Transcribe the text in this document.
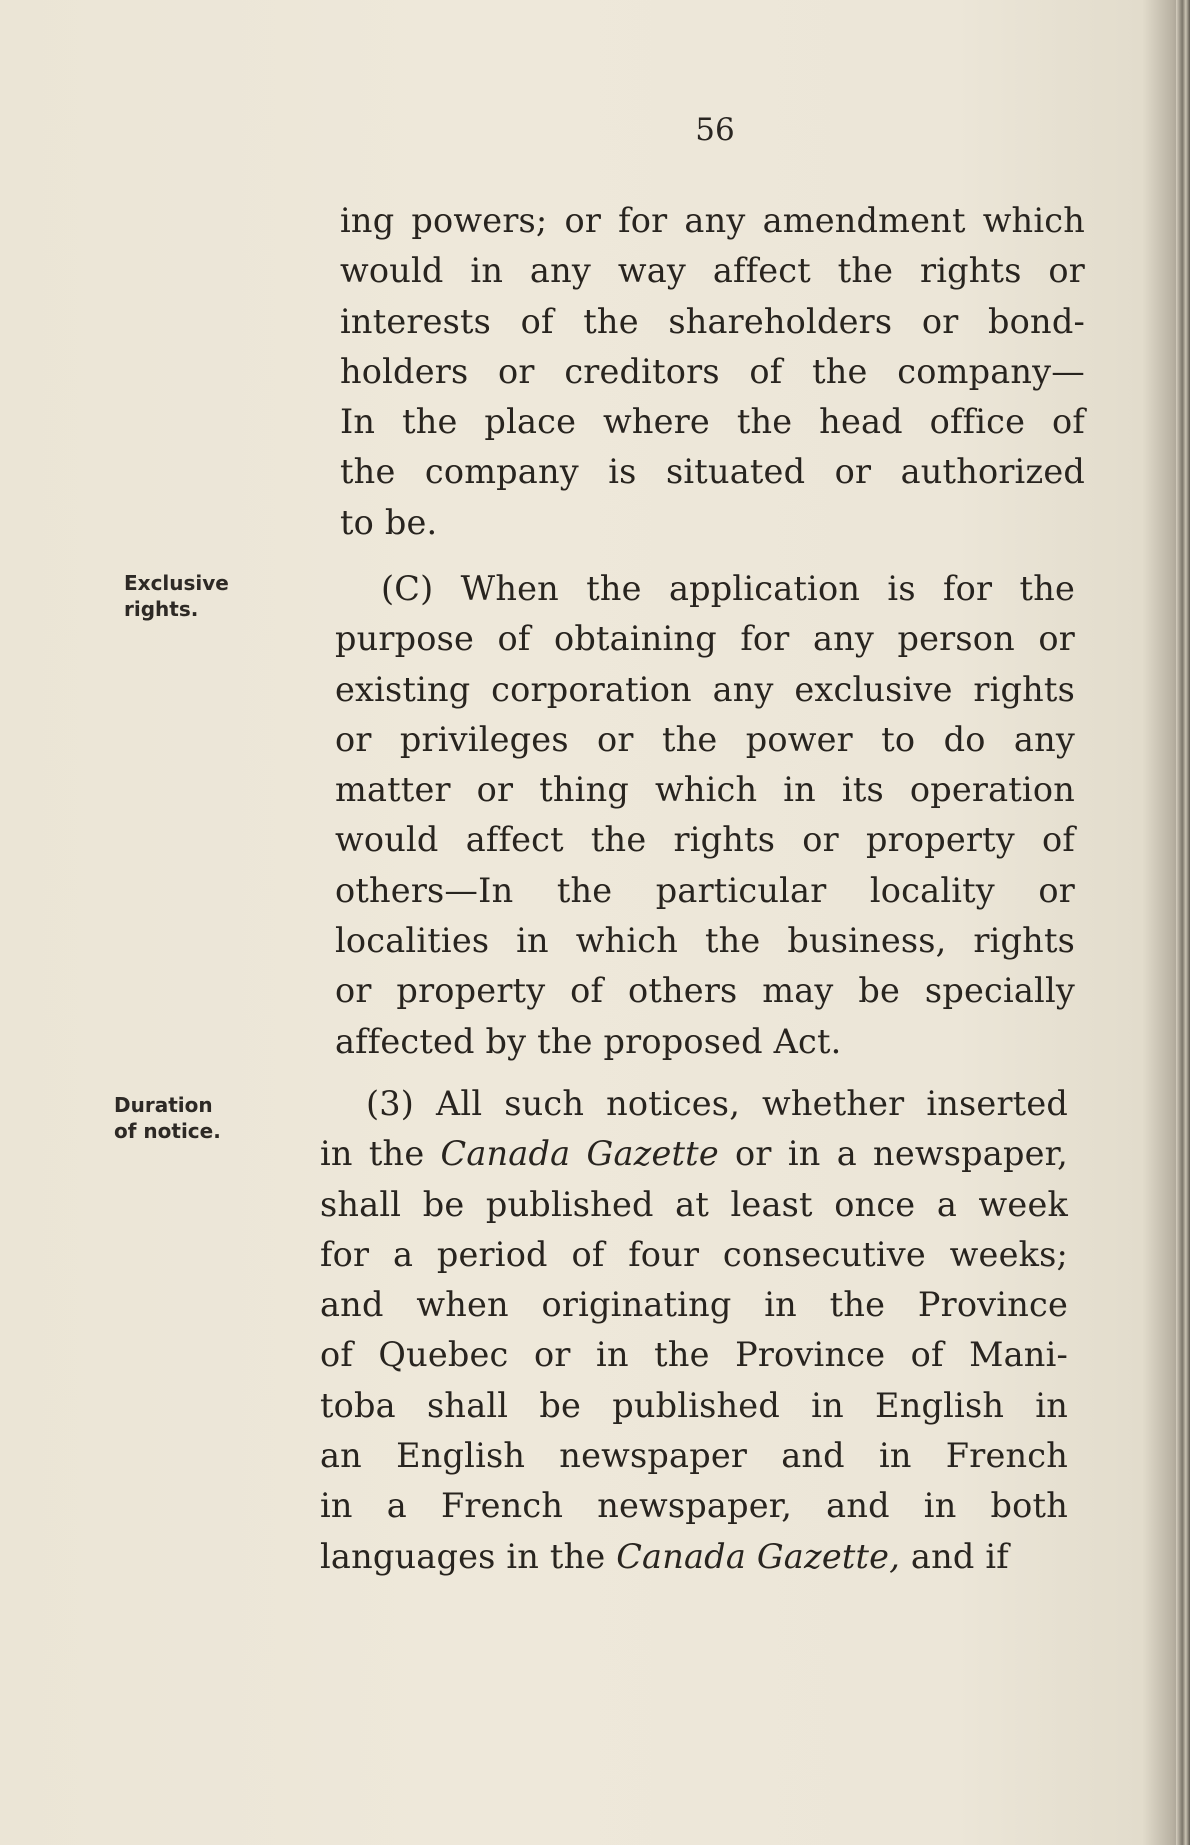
56
ing powers; or for any amendment which
would in any way affect the rights or
interests of the shareholders or bond-
holders or creditors of the company—
In the place where the head office of
the company is situated or authorized
to be.
Exclusive
rights.
(C) When the application is for the
purpose of obtaining for any person or
existing corporation any exclusive rights
or privileges or the power to do any
matter or thing which in its operation
would affect the rights or property of
others—In the particular locality or
localities in which the business, rights
or property of others may be specially
affected by the proposed Act.
Duration
of notice.
(3) All such notices, whether inserted
in the Canada Gazette or in a newspaper,
shall be published at least once a week
for a period of four consecutive weeks;
and when originating in the Province
of Quebec or in the Province of Mani-
toba shall be published in English in
an English newspaper and in French
in a French newspaper, and in both
languages in the Canada Gazette, and if
